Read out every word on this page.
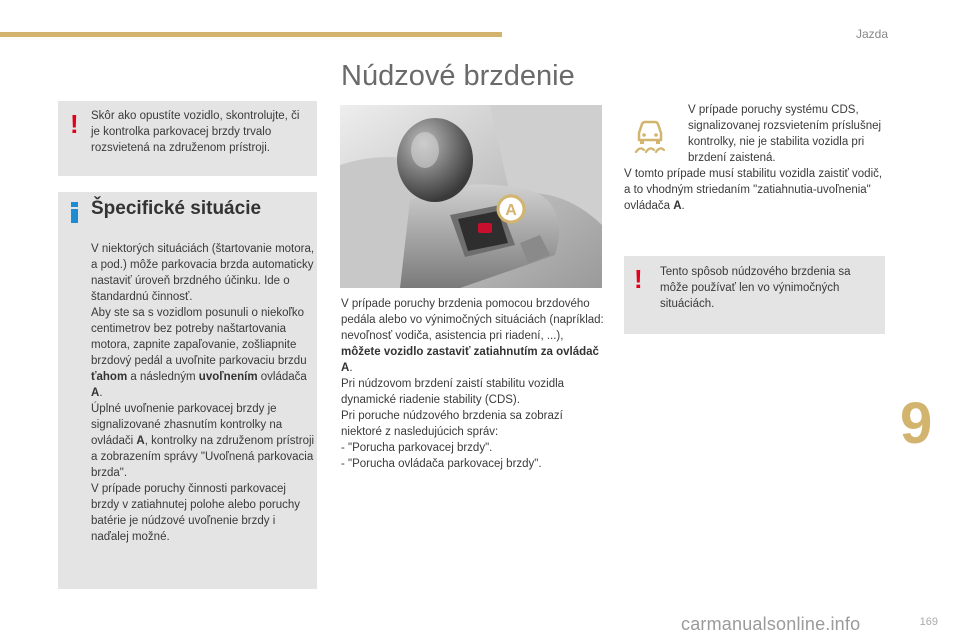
Jazda
Núdzové brzdenie
! Skôr ako opustíte vozidlo, skontrolujte, či je kontrolka parkovacej brzdy trvalo rozsvietená na združenom prístroji.
Špecifické situácie
V niektorých situáciách (štartovanie motora, a pod.) môže parkovacia brzda automaticky nastaviť úroveň brzdného účinku. Ide o štandardnú činnosť.
Aby ste sa s vozidlom posunuli o niekoľko centimetrov bez potreby naštartovania motora, zapnite zapaľovanie, zošliapnite brzdový pedál a uvoľnite parkovaciu brzdu ťahom a následným uvoľnením ovládača A.
Úplné uvoľnenie parkovacej brzdy je signalizované zhasnutím kontrolky na ovládači A, kontrolky na združenom prístroji a zobrazením správy "Uvoľnená parkovacia brzda".
V prípade poruchy činnosti parkovacej brzdy v zatiahnutej polohe alebo poruchy batérie je núdzové uvoľnenie brzdy i naďalej možné.
A
V prípade poruchy brzdenia pomocou brzdového pedála alebo vo výnimočných situáciách (napríklad: nevoľnosť vodiča, asistencia pri riadení, ...), môžete vozidlo zastaviť zatiahnutím za ovládač A.
Pri núdzovom brzdení zaistí stabilitu vozidla dynamické riadenie stability (CDS).
Pri poruche núdzového brzdenia sa zobrazí niektoré z nasledujúcich správ:
- "Porucha parkovacej brzdy".
- "Porucha ovládača parkovacej brzdy".
V prípade poruchy systému CDS, signalizovanej rozsvietením príslušnej kontrolky, nie je stabilita vozidla pri brzdení zaistená.
V tomto prípade musí stabilitu vozidla zaistiť vodič, a to vhodným striedaním "zatiahnutia-uvoľnenia" ovládača A.
! Tento spôsob núdzového brzdenia sa môže používať len vo výnimočných situáciách.
9
carmanualsonline.info	169
